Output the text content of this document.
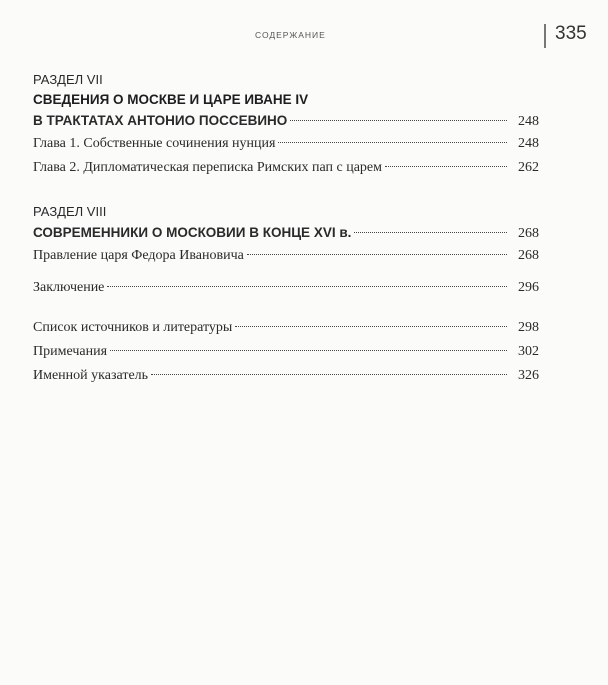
СОДЕРЖАНИЕ	335
РАЗДЕЛ VII
СВЕДЕНИЯ О МОСКВЕ И ЦАРЕ ИВАНЕ IV
В ТРАКТАТАХ АНТОНИО ПОССЕВИНО	248
Глава 1. Собственные сочинения нунция	248
Глава 2. Дипломатическая переписка Римских пап с царем	262
РАЗДЕЛ VIII
СОВРЕМЕННИКИ О МОСКОВИИ В КОНЦЕ XVI в.	268
Правление царя Федора Ивановича	268
Заключение	296
Список источников и литературы	298
Примечания	302
Именной указатель	326
